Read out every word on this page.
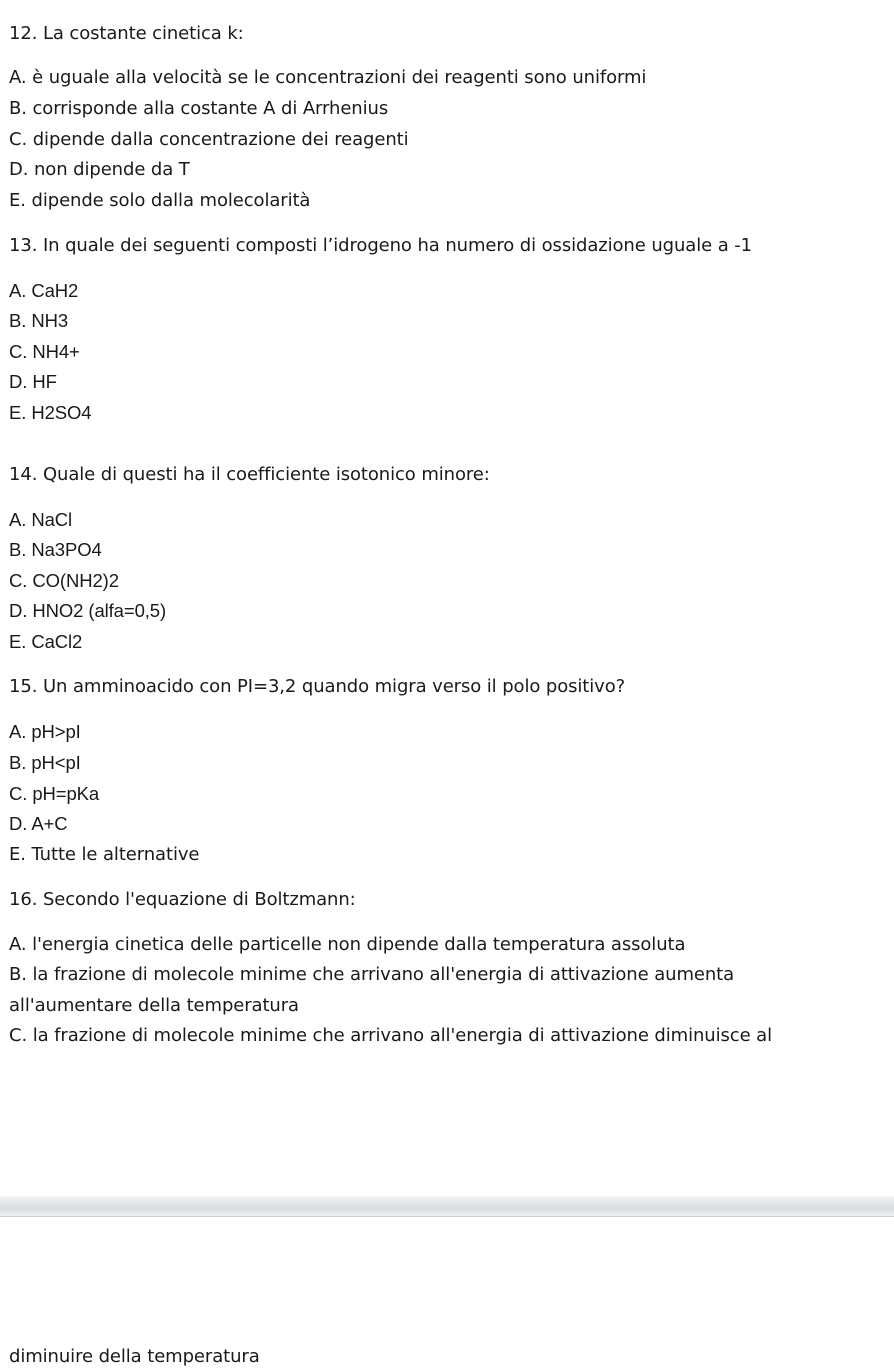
12. La costante cinetica k:
A. è uguale alla velocità se le concentrazioni dei reagenti sono uniformi
B. corrisponde alla costante A di Arrhenius
C. dipende dalla concentrazione dei reagenti
D. non dipende da T
E. dipende solo dalla molecolarità
13. In quale dei seguenti composti l’idrogeno ha numero di ossidazione uguale a -1
A. CaH2
B. NH3
C. NH4+
D. HF
E. H2SO4
14. Quale di questi ha il coefficiente isotonico minore:
A. NaCl
B. Na3PO4
C. CO(NH2)2
D. HNO2 (alfa=0,5)
E. CaCl2
15. Un amminoacido con PI=3,2 quando migra verso il polo positivo?
A. pH>pI
B. pH<pI
C. pH=pKa
D. A+C
E. Tutte le alternative
16. Secondo l'equazione di Boltzmann:
A. l'energia cinetica delle particelle non dipende dalla temperatura assoluta
B. la frazione di molecole minime che arrivano all'energia di attivazione aumenta
all'aumentare della temperatura
C. la frazione di molecole minime che arrivano all'energia di attivazione diminuisce al
diminuire della temperatura
